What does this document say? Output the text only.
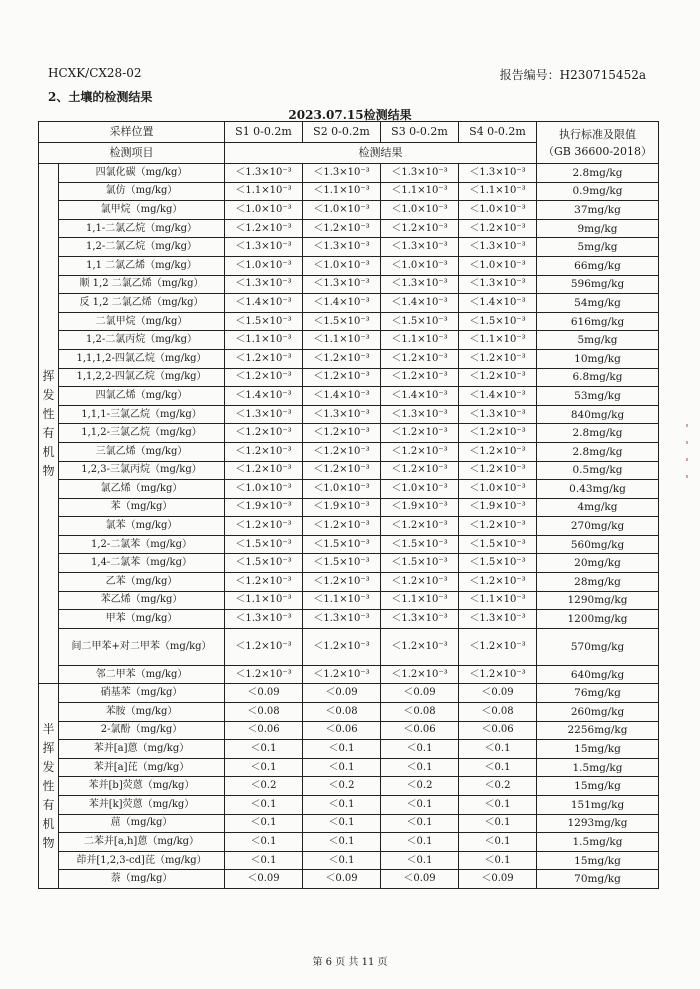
HCXK/CX28-02	报告编号：H230715452a
2、土壤的检测结果
2023.07.15检测结果
采样位置		S1 0-0.2m	S2 0-0.2m	S3 0-0.2m	S4 0-0.2m	执行标准及限值
（GB 36600-2018）
检测项目		检测结果				
挥发性有机物	四氯化碳（mg/kg）	＜1.3×10⁻³	＜1.3×10⁻³	＜1.3×10⁻³	＜1.3×10⁻³	2.8mg/kg
	氯仿（mg/kg）	＜1.1×10⁻³	＜1.1×10⁻³	＜1.1×10⁻³	＜1.1×10⁻³	0.9mg/kg
	氯甲烷（mg/kg）	＜1.0×10⁻³	＜1.0×10⁻³	＜1.0×10⁻³	＜1.0×10⁻³	37mg/kg
	1,1-二氯乙烷（mg/kg）	＜1.2×10⁻³	＜1.2×10⁻³	＜1.2×10⁻³	＜1.2×10⁻³	9mg/kg
	1,2-二氯乙烷（mg/kg）	＜1.3×10⁻³	＜1.3×10⁻³	＜1.3×10⁻³	＜1.3×10⁻³	5mg/kg
	1,1 二氯乙烯（mg/kg）	＜1.0×10⁻³	＜1.0×10⁻³	＜1.0×10⁻³	＜1.0×10⁻³	66mg/kg
	顺 1,2 二氯乙烯（mg/kg）	＜1.3×10⁻³	＜1.3×10⁻³	＜1.3×10⁻³	＜1.3×10⁻³	596mg/kg
	反 1,2 二氯乙烯（mg/kg）	＜1.4×10⁻³	＜1.4×10⁻³	＜1.4×10⁻³	＜1.4×10⁻³	54mg/kg
	二氯甲烷（mg/kg）	＜1.5×10⁻³	＜1.5×10⁻³	＜1.5×10⁻³	＜1.5×10⁻³	616mg/kg
	1,2-二氯丙烷（mg/kg）	＜1.1×10⁻³	＜1.1×10⁻³	＜1.1×10⁻³	＜1.1×10⁻³	5mg/kg
	1,1,1,2-四氯乙烷（mg/kg）	＜1.2×10⁻³	＜1.2×10⁻³	＜1.2×10⁻³	＜1.2×10⁻³	10mg/kg
	1,1,2,2-四氯乙烷（mg/kg）	＜1.2×10⁻³	＜1.2×10⁻³	＜1.2×10⁻³	＜1.2×10⁻³	6.8mg/kg
	四氯乙烯（mg/kg）	＜1.4×10⁻³	＜1.4×10⁻³	＜1.4×10⁻³	＜1.4×10⁻³	53mg/kg
	1,1,1-三氯乙烷（mg/kg）	＜1.3×10⁻³	＜1.3×10⁻³	＜1.3×10⁻³	＜1.3×10⁻³	840mg/kg
	1,1,2-三氯乙烷（mg/kg）	＜1.2×10⁻³	＜1.2×10⁻³	＜1.2×10⁻³	＜1.2×10⁻³	2.8mg/kg
	三氯乙烯（mg/kg）	＜1.2×10⁻³	＜1.2×10⁻³	＜1.2×10⁻³	＜1.2×10⁻³	2.8mg/kg
	1,2,3-三氯丙烷（mg/kg）	＜1.2×10⁻³	＜1.2×10⁻³	＜1.2×10⁻³	＜1.2×10⁻³	0.5mg/kg
	氯乙烯（mg/kg）	＜1.0×10⁻³	＜1.0×10⁻³	＜1.0×10⁻³	＜1.0×10⁻³	0.43mg/kg
	苯（mg/kg）	＜1.9×10⁻³	＜1.9×10⁻³	＜1.9×10⁻³	＜1.9×10⁻³	4mg/kg
	氯苯（mg/kg）	＜1.2×10⁻³	＜1.2×10⁻³	＜1.2×10⁻³	＜1.2×10⁻³	270mg/kg
	1,2-二氯苯（mg/kg）	＜1.5×10⁻³	＜1.5×10⁻³	＜1.5×10⁻³	＜1.5×10⁻³	560mg/kg
	1,4-二氯苯（mg/kg）	＜1.5×10⁻³	＜1.5×10⁻³	＜1.5×10⁻³	＜1.5×10⁻³	20mg/kg
	乙苯（mg/kg）	＜1.2×10⁻³	＜1.2×10⁻³	＜1.2×10⁻³	＜1.2×10⁻³	28mg/kg
	苯乙烯（mg/kg）	＜1.1×10⁻³	＜1.1×10⁻³	＜1.1×10⁻³	＜1.1×10⁻³	1290mg/kg
	甲苯（mg/kg）	＜1.3×10⁻³	＜1.3×10⁻³	＜1.3×10⁻³	＜1.3×10⁻³	1200mg/kg
	间二甲苯+对二甲苯（mg/kg）	＜1.2×10⁻³	＜1.2×10⁻³	＜1.2×10⁻³	＜1.2×10⁻³	570mg/kg
	邻二甲苯（mg/kg）	＜1.2×10⁻³	＜1.2×10⁻³	＜1.2×10⁻³	＜1.2×10⁻³	640mg/kg
半挥发性有机物	硝基苯（mg/kg）	＜0.09	＜0.09	＜0.09	＜0.09	76mg/kg
	苯胺（mg/kg）	＜0.08	＜0.08	＜0.08	＜0.08	260mg/kg
	2-氯酚（mg/kg）	＜0.06	＜0.06	＜0.06	＜0.06	2256mg/kg
	苯并[a]蒽（mg/kg）	＜0.1	＜0.1	＜0.1	＜0.1	15mg/kg
	苯并[a]芘（mg/kg）	＜0.1	＜0.1	＜0.1	＜0.1	1.5mg/kg
	苯并[b]荧蒽（mg/kg）	＜0.2	＜0.2	＜0.2	＜0.2	15mg/kg
	苯并[k]荧蒽（mg/kg）	＜0.1	＜0.1	＜0.1	＜0.1	151mg/kg
	䓛（mg/kg）	＜0.1	＜0.1	＜0.1	＜0.1	1293mg/kg
	二苯并[a,h]蒽（mg/kg）	＜0.1	＜0.1	＜0.1	＜0.1	1.5mg/kg
	茚并[1,2,3-cd]芘（mg/kg）	＜0.1	＜0.1	＜0.1	＜0.1	15mg/kg
	萘（mg/kg）	＜0.09	＜0.09	＜0.09	＜0.09	70mg/kg
第 6 页 共 11 页
